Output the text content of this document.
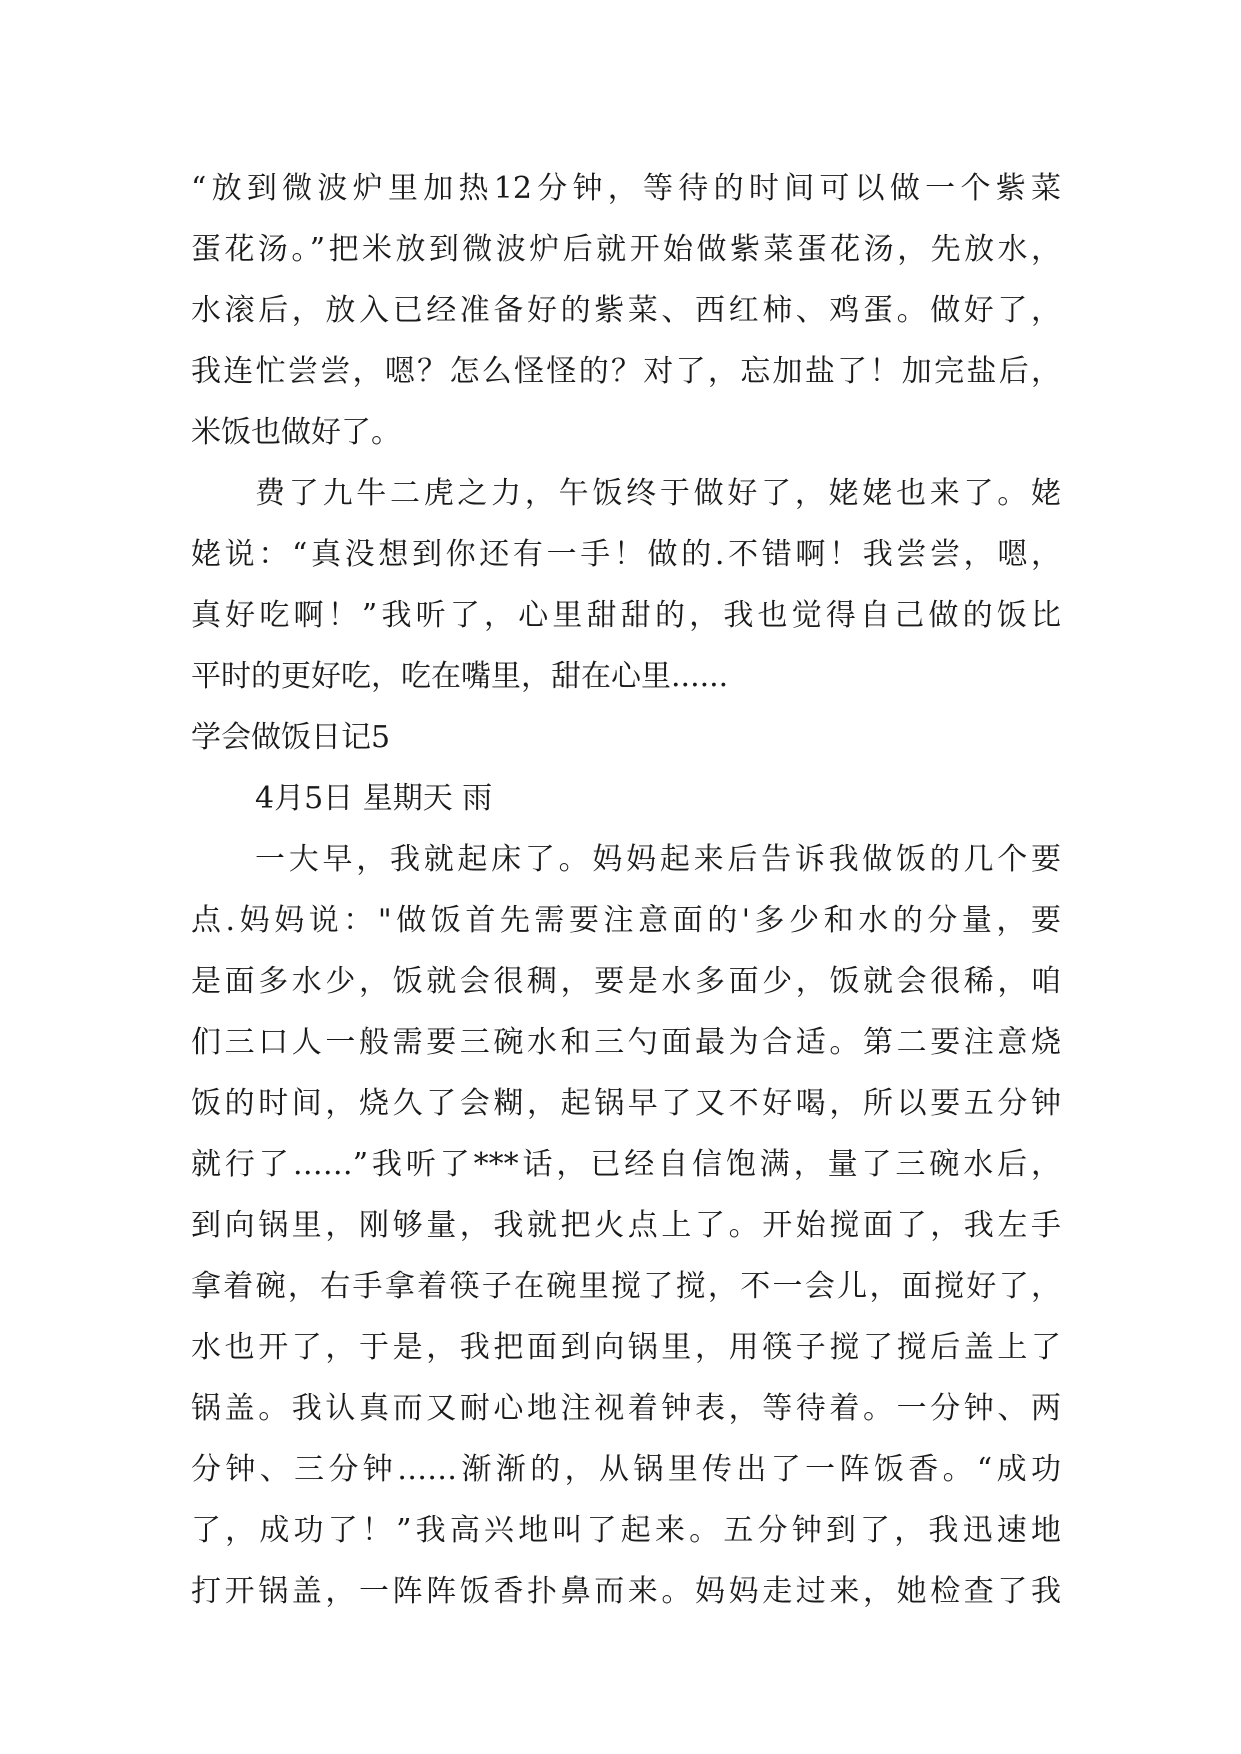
“放到微波炉里加热12分钟，等待的时间可以做一个紫菜
蛋花汤。”把米放到微波炉后就开始做紫菜蛋花汤，先放水，
水滚后，放入已经准备好的紫菜、西红柿、鸡蛋。做好了，
我连忙尝尝，嗯？怎么怪怪的？对了，忘加盐了！加完盐后，
米饭也做好了。
费了九牛二虎之力，午饭终于做好了，姥姥也来了。姥
姥说：“真没想到你还有一手！做的.不错啊！我尝尝，嗯，
真好吃啊！”我听了，心里甜甜的，我也觉得自己做的饭比
平时的更好吃，吃在嘴里，甜在心里......
学会做饭日记5
4月5日 星期天 雨
一大早，我就起床了。妈妈起来后告诉我做饭的几个要
点.妈妈说："做饭首先需要注意面的'多少和水的分量，要
是面多水少，饭就会很稠，要是水多面少，饭就会很稀，咱
们三口人一般需要三碗水和三勺面最为合适。第二要注意烧
饭的时间，烧久了会糊，起锅早了又不好喝，所以要五分钟
就行了……”我听了***话，已经自信饱满，量了三碗水后，
到向锅里，刚够量，我就把火点上了。开始搅面了，我左手
拿着碗，右手拿着筷子在碗里搅了搅，不一会儿，面搅好了，
水也开了，于是，我把面到向锅里，用筷子搅了搅后盖上了
锅盖。我认真而又耐心地注视着钟表，等待着。一分钟、两
分钟、三分钟……渐渐的，从锅里传出了一阵饭香。“成功
了，成功了！”我高兴地叫了起来。五分钟到了，我迅速地
打开锅盖，一阵阵饭香扑鼻而来。妈妈走过来，她检查了我
